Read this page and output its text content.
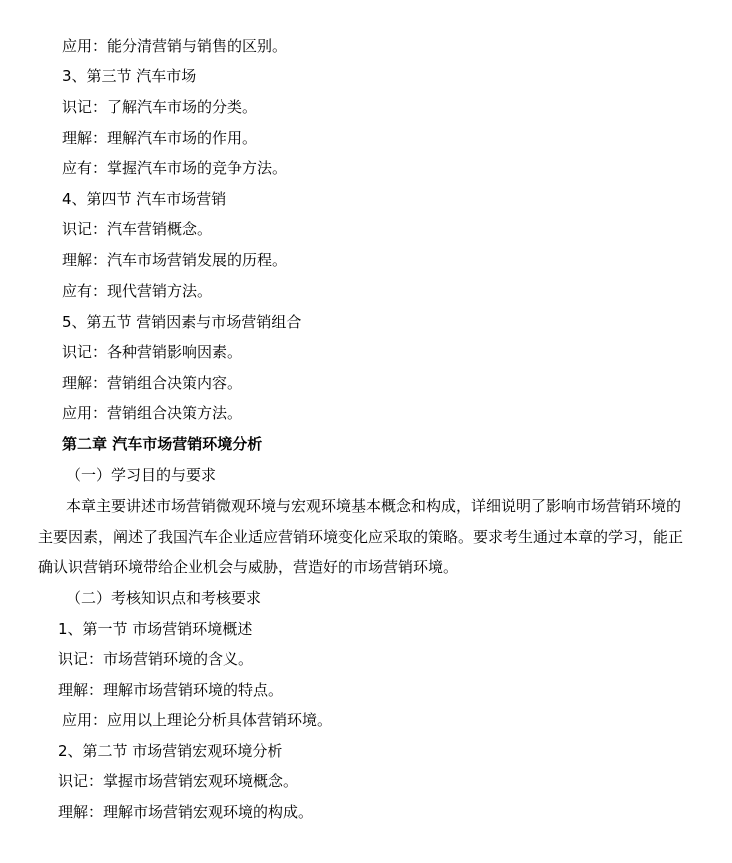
应用：能分清营销与销售的区别。
3、第三节 汽车市场
识记：了解汽车市场的分类。
理解：理解汽车市场的作用。
应有：掌握汽车市场的竞争方法。
4、第四节 汽车市场营销
识记：汽车营销概念。
理解：汽车市场营销发展的历程。
应有：现代营销方法。
5、第五节 营销因素与市场营销组合
识记：各种营销影响因素。
理解：营销组合决策内容。
应用：营销组合决策方法。
第二章 汽车市场营销环境分析
（一）学习目的与要求
本章主要讲述市场营销微观环境与宏观环境基本概念和构成，详细说明了影响市场营销环境的
主要因素，阐述了我国汽车企业适应营销环境变化应采取的策略。要求考生通过本章的学习，能正
确认识营销环境带给企业机会与威胁，营造好的市场营销环境。
（二）考核知识点和考核要求
1、第一节 市场营销环境概述
识记：市场营销环境的含义。
理解：理解市场营销环境的特点。
应用：应用以上理论分析具体营销环境。
2、第二节 市场营销宏观环境分析
识记：掌握市场营销宏观环境概念。
理解：理解市场营销宏观环境的构成。
